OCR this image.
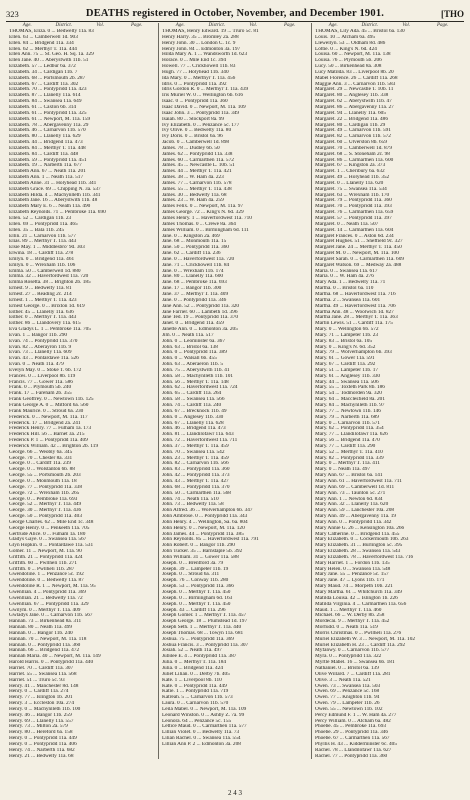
323	DEATHS registered in October, November, and December 1901.	[THO
Age.	District.	Vol.	Page.
THOMAS, Eliza. 0 ... Bedwelty 11a. 83
Ellen. 63 ... Camberwell 1d. 903
Ellen. 84 ... Bridgend 11a. 334
Ellen. 62 ... Merthyr T. 11a. 444
Ellen Ann. 75 ... St. Geo. H. Sq. 1a. 329
Ellen Jane. 40 ... Aberystwith 11b. 51
Elizabeth. 57 ... Ledbur 6a. 372
Elizabeth. 34 ... Cardigan 11b. 7
Elizabeth. 68 ... Portsmouth 2b. 287
Elizabeth. 67 ... Cardiff 11a. 302
Elizabeth. 70 ... Pontypridd 11a. 423
Elizabeth. 87 ... Llanelly 11a. 614
Elizabeth. 84 ... Swansea 11a. 649
Elizabeth. 61 ... Caxton 6b. 314
Elizabeth. 61 ... Pontypridd 11a. 325
Elizabeth. 61 ... Newport, M. 11a. 159
Elizabeth. 78 ... Abergavenny 11a. 29
Elizabeth. 46 ... Carnarvon 11b. 570
Elizabeth. 80 ... Llanelly 11a. 629
Elizabeth. 44 ... Bridgend 11a. 473
Elizabeth. 84 ... Merthyr T. 11a. 448
Elizabeth. 84 ... Cardiff 11a. 448
Elizabeth. 59 ... Pontypridd 11a. 451
Elizabeth. 19 ... Narberth 11a. 677
Elizabeth Ann. 67 ... Neath 11a. 201
Elizabeth Ann. 1 ... Neath 11a. 517
Elizabeth Anne. 31 ... Holyhead 11b. 341
Elizabeth Grace. 69 ... Chipping N. 3a. 537
Elizabeth Hilda. 4 ... Machynlleth 11b. 341
Elizabeth Jane. 16 ... Aberystwith 11b. 48
Elizabeth Mary E. 6 ... Neath 11a. 490
Elizabeth Reynolds. 71 ... Pembroke 11a. 690
Ellen. 52 ... Cardigan 11b. 23
Ellen. 69 ... Pontypridd 11a. 465
Ellen. 35 ... Bala 11b. 245
Ellin. 21 ... Carnarvon 11b. 577
Elias. 89 ... Merthyr T. 11a. 443
Elsie May. 1 ... Middlesbro' 9d. 303
Elwina. 18 ... Cardiff 11a. 278
Emlyn. 0 ... Bridgend 11a. 461
Emlyn. 0 ... Wrexham 11b. 106
Emma. 50 ... Camberwell 1d. 880
Emma. 32 ... Haverfordwest 11a. 720
Emma Rosetta. 38 ... Brighton 2b. 185
Ernest. 9 ... Bedwelty 11a. 81
Ernest. 27 ... Reading 2c. 214
Ernest. 1 ... Merthyr T. 11a. 423
Ernest George. 0 ... Brixton 1d. 619
Esther. 45 ... Llanelly 11a. 636
Esther. 0 ... Merthyr T. 11a. 443
Esther. 86 ... Llandovery 11a. 615
Eva Gladys L. 1 ... Pembroke 11a. 705
Evan. 1 ... Bangor 11b. 290
Evan. 74 ... Pontypridd 11a. 370
Evan. 82 ... Aberayron 11b. 9
Evan. 73 ... Llanelly 11a. 609
Evan. 43 ... Pontardawe 11a. 526
Evan. 0 ... Neath 11a. 479
Evelyn May. 0 ... Stoke T. 6b. 172
Frances. 0 ... Liverpool 8b. 119
Francis. 77 ... Gower 11a. 586
Frank. 0 ... Plymouth 5b. 240
Frank. 17 ... Fareham 2b. 355
Frank Geoffrey. 0 ... Newtown 11b. 125
Frank George A. 0 ... Mitford 6a. 560
Frank Maurice. 0 ... Stroud 6a. 230
Frederick. 0 ... Newport, M. 11a. 117
Frederick. 17 ... Bridgend 2a. 241
Frederick Henry. 77 ... Fulham 1a. 173
Frederick Hill. 56 ... Barnet 3a. 215
Frederick P. 1 ... Pontypridd 11a. 409
Frederick William. 42 ... Brighton 2b. 119
George. 66 ... Weobly 6a. 345
George. 70 ... Chester 8a. 331
George. 0 ... Cardiff 11a. 239
George. 0 ... Wolstanton 6b. 88
George. 55 ... Portsmouth 2b. 203
George. 0 ... Monmouth 11a. 18
George. 77 ... Pontypridd 11a. 338
George. 72 ... Wrexham 11b. 265
George. 0 ... Pembroke 11a. 693
George. 52 ... Merthyr T. 11a. 449
George. 30 ... Merthyr T. 11a. 436
George. 50 ... Pontypridd 11a. 403
George Charles. 62 ... Mile End 1c. 348
George Henry. 0 ... Penkeeth 11a. 705
Gertrude Alice. 0 ... Fulham 1a. 180
Gladys Gaye. 0 ... Swansea 11a. 567
Glyn Hopkin. 0 ... Pontardawe 11a. 531
Gomer. 11 ... Newport, M. 11a. 90
Griffith. 21 ... Pontypridd 11a. 424
Griffith. 60 ... Pwllheli 11b. 271
Griffith. 0 ... Pwllheli 11b. 287
Gwendoline. 1 ... Penzance 5c. 192
Gwendoline. 0 ... Bedwelty 11a. 87
Gwendoline R. 1 ... Newport, M. 11a. 95
Gwenllian. 4 ... Pontypridd 11a. 369
Gwenllian. 21 ... Bedwelty 11a. 72
Gwenllian. 67 ... Pontypridd 11a. 329
Gwilym. 0 ... Merthyr T. 11a. 409
Gwladys Jane. 0 ... Carnarvon 11b. 567
Hannah. 73 ... Birkenhead 8a. 311
Hannah. 80 ... Neath 11a. 499
Hannah. 0 ... Bangor 11b. 240
Hannah. 70 ... Newport, M. 11a. 118
Hannah. 0 ... Pontypridd 11a. 360
Hannah. 66 ... Bridgend 11a. 472
Hannah Maria. 40 ... Newport, M. 11a. 149
Harold Harris. 0 ... Pontypridd 11a. 440
Harriet. 70 ... Cardiff 11a. 307
Harriet. 55 ... Swansea 11a. 568
Harriet. 51 ... Truro 5c. 93
Henry. 41 ... Manchester 8d. 148
Henry. 0 ... Cardiff 11a. 274
Henry. 77 ... Islington 1b. 201
Henry. 3 ... Eccleston 10a. 274
Henry. 0 ... Machynlleth 11b. 100
Henry. 46 ... Bangor 11b. 259
Henry. 69 ... Llanelly 11a. 557
Henry. 73 ... Milton 2a. 579
Henry. 80 ... Hereford 6a. 158
Henry. 0 ... Pontypridd 11a. 449
Henry. 0 ... Pontypridd 11a. 406
Henry. 74 ... Narberth 11a. 682
Henry. 21 ... Bedwelty 11a. 68
Age.	District.	Vol.	Page.
THOMAS, Henry Edward. 19 ... Truro 5c. 81
Henry Harry. 35 ... Bromley 2a. 288
Henry John. 30 ... London C. 1c. 9
Henry John. 84 ... Edmonton 3a. 197
Hilda Mary A. 1 ... Wandsworth 1d. 623
Horace. 0 ... Mile End 1c. 394
Howell. 77 ... Crickhowell 11b. 83
Hugh. 77 ... Holyhead 11b. 340
Ida Mary. 0 ... Merthyr T. 11a. 456
Idris. 0 ... Pontypridd 11a. 392
Idris Gordon R. 0 ... Merthyr T. 11a. 439
Iris Muriel W. 0 ... Wellington 6b. 616
Isaac. 0 ... Pontypridd 11a. 360
Isaac David. 0 ... Newport, M. 11a. 109
Isaac John. 3 ... Pontypridd 11a. 349
Isaiah. 80 ... Stockport 8a. 99
Ivy Elizabeth. 0 ... Penzance 5c. 177
Ivy Olive. 0 ... Bedwelty 11a. 80
Ivy Doris. 0 ... Bristol 6a. 96
Jacob. 0 ... Camberwell 1d. 898
James. 78 ... Dudley 6b. 50
James. 62 ... Pontypridd 11a. 338
James. 60 ... Carmarthen 11a. 572
James. 45 ... Newcastle L. 10b. 51
James. 44 ... Merthyr T. 11a. 421
James. 38 ... W. Ham 4a. 223
James. 77 ... Carnarvon 11b. 578
James. 55 ... Merthyr T. 11a. 438
James. 30 ... Bedwelty 11a. 68
James. 23 ... W. Ham 4a. 259
James Felix. 0 ... Newport, M. 11a. 97
James George. 72 ... King's N. 6d. 329
James Henry. 1 ... Haverfordwest 11a. 710
James Thomas. 0 ... Crewe 8a. 364
James William. 0 ... Birmingham 6d. 111
Jane. 0 ... Kingston 2a. 469
Jane. 68 ... Monmouth 11a. 15
Jane. 50 ... Pontypridd 11a. 360
Jane. 62 ... Cardiff 11a. 236
Jane. 0 ... Haverfordwest 11a. 720
Jane. 71 ... Crickhowell 11b. 84
Jane. 0 ... Wrexham 11b. 174
Jane. 80 ... Llanelly 11a. 600
Jane. 68 ... Pembroke 11a. 693
Jane. 17 ... Bangor 11b. 300
Jane. 37 ... Merthyr T. 11a. 409
Jane. 0 ... Pontypridd 11a. 346
Jane Ann. 52 ... Pontypridd 11a. 320
Jane Farrier. 60 ... Lambeth 1d. 396
Jane Ted. 19 ... Pontypridd 11a. 370
Janet. 0 ... Bridgend 11a. 459
Janette Ann. 0 ... Edmonton 3a. 205
Jim. 0 ... Neath 11a. 517
John. 0 ... Leominster 6a. 367
John. 63 ... Bristol 6a. 138
John. 0 ... Pontypridd 11a. 389
John. 0 ... Walsall 6b. 455
John. 63 ... Aberaeron 11b. 5
John. 75 ... Aberystwith 11b. 41
John. 58 ... Machynlleth 11b. 101
John. 56 ... Merthyr T. 11a. 148
John. 62 ... Haverfordwest 11a. 724
John. 65 ... Cardiff 11a. 264
John. 58 ... Swansea 11a. 566
John. 74 ... Cardiff 11a. 240
John. 67 ... Brecknock 11b. 49
John. 0 ... Anglesey 11b. 330
John. 67 ... Llanelly 11a. 628
John. 46 ... Bridgend 11a. 473
John. 81 ... Llandilofawr 11a. 643
John. 72 ... Haverfordwest 11a. 711
John. 37 ... Merthyr T. 11a. 459
John. 70 ... Swansea 11a. 542
John. 23 ... Merthyr T. 11a. 459
John. 82 ... Carnarvon 11b. 566
John. 83 ... Pontypridd 11a. 360
John. 42 ... Pontypridd 11a. 373
John. 43 ... Merthyr T. 11a. 427
John. 68 ... Pontypridd 11a. 370
John. 50 ... Carmarthen 11a. 568
John. 74 ... Neath 11a. 510
John. 73 ... Bedwelty 11a. 58
John Alfred. 36 ... Wolverhampton 6b. 347
John Ambrose. 0 ... Pontypridd 11a. 343
John Henry. 4 ... Wellington, Sa. 6a. 804
John Henry. 0 ... Newport, M. 11a. 120
John James. 44 ... Pontypridd 11a. 385
John Reynolds. 85 ... Haverfordwest 11a. 791
John Robert. 0 ... Bangor 11b. 290
John Tucker. 35 ... Barnstaple 5b. 392
John William. 31 ... Gower 11a. 588
Joseph. 0 ... Brentford 3a. 79
Joseph. 39 ... Lampeter 11b. 19
Joseph. 0 ... Stroud 6a. 311
Joseph. 76 ... Conway 11b. 280
Joseph. 53 ... Pontypridd 11a. 366
Joseph. 0 ... Merthyr T. 11a. 450
Joseph. 0 ... Birmingham 6d. 163
Joseph. 0 ... Merthyr T. 11a. 450
Joseph. 43 ... Cardiff 11a. 296
Joseph Gomer. 1 ... Merthyr T. 11a. 457
Joseph George. 18 ... Plumstead 1d. 197
Joseph Seth. 1 ... Merthyr T. 11a. 440
Joseph Thomas. 68 ... Towyn 11a. 681
Joshua. 75 ... Pontypridd 11a. 369
Joshua Francis. 3 ... Pontypridd 11a. 307
Josiah. 52 ... Neath 11a. 497
Jubilee E. 4 ... Pontypridd 11a. 387
Julia. 0 ... Merthyr T. 11a. 184
Julia. 0 ... Bridgend 11a. 424
Juliet Lilian. 0 ... Derby 7b. 405
Kate. 1 ... Liverpool 8b. 110
Kate. 0 ... Pontypridd 11a. 449
Katie. 1 ... Pontypridd 11a. 719
Katreah. 5 ... Carnarvon 11b. 573
Laura. 0 ... Carnarvon 11b. 570
Leila Mabel. 0 ... Newport, M. 11a. 109
Leonard Winston. 0 ... Ashby Z. 7a. 99
Leonora. 64 ... Penzance 5c. 155
Lettice Maud. 0 ... Carmarthen 11a. 577
Lillian Violet. 0 ... Bedwelty 11a. 73
Lilian Rachel. 0 ... Swansea 11a. 554
Lillian Ann P. 2 ... Edmonton 3a. 208
Age.	District.	Vol.	Page.
THOMAS, Lily Ada. 45 ... Bristol 6a. 130
Louis. 10 ... Atcham 6a. 495
Llewellyn. 53 ... Oldham 8d. 486
Lottie. 0 ... King's N. 6d. 424
Louisa. 60 ... Newport, M. 11a. 138
Louisa. 76 ... Plymouth 5b. 206
Lucy. 50 ... Birkenhead 8a. 308
Lucy Matilda. 83 ... Liverpool 8b. 20
Mabel Florence. 26 ... Cardiff 11a. 268
Maggie Ann. 3 ... Carnarvon 11b. 583
Margaret. 29 ... Newcastle T. 10b. 11
Margaret. 80 ... Anglesey 11b. 338
Margaret. 62 ... Aberystwith 11b. 47
Margaret. 86 ... Abergavenny 11a. 27
Margaret. 94 ... Llanelly 11a. 605
Margaret. 22 ... Bridgend 11a. 486
Margaret. 80 ... Cardigan 11b. 29
Margaret. 49 ... Carnarvon 11b. 591
Margaret. 82 ... Carnarvon 11b. 572
Margaret. 60 ... Ulverston 8b. 659
Margaret. 70 ... Camberwell 1d. 879
Margaret. 68 ... S. Stoneham 2c. 98
Margaret. 86 ... Carmarthen 11a. 600
Margaret. 67 ... Kingston 2a. 373
Margaret. 1 ... Cheribury 6a. 632
Margaret. 49 ... Holyhead 11b. 352
Margaret. 0 ... Llanelly 11a. 620
Margaret. 75 ... Swansea 11a. 534
Margaret. 63 ... Wrexham 11b. 170
Margaret. 79 ... Pontypridd 11a. 360
Margaret. 70 ... Pontypridd 11a. 393
Margaret. 76 ... Carmarthen 11a. 659
Margaret. 57 ... Pontypridd 11a. 397
Margaret. 0 ... Neath 11a. 507
Margaret. 14 ... Carmarthen 11a. 604
Margaret Frances. 0 ... Aston 6d. 234
Margaret Hughes. 51 ... Sheffield 9c. 327
Margaret Jane. 24 ... Merthyr T. 11a. 450
Margaret M. 0 ... Newport, M. 11a. 100
Margaret Sarah. 0 ... Carmarthen 11a. 609
Margaret Watson. 69 ... Medway 2a. 488
Maria. 0 ... Swansea 11a. 617
Maria. 0 ... W. Ham 4a. 276
Mary Ada. 1 ... Bedwelty 11a. 71
Martha. 0 ... Bristol 6a. 110
Martha. 68 ... Haverfordwest 11a. 716
Martha. 2 ... Swansea 11a. 601
Martha. 49 ... Haverfordwest 11a. 706
Martha Ann. 48 ... Woolwich 1d. 827
Martha Jane. 28 ... Merthyr T. 11a. 363
Martin Lewis. 51 ... Cardiff 11a. 175
Mary. 0 ... Wellington 6b. 572
Mary. 71 ... Lampeter 11b. 23
Mary. 83 ... Bristol 6a. 105
Mary. 0 ... King's N. 6d. 352
Mary. 79 ... Wolverhampton 6b. 393
Mary. 61 ... Gower 11a. 591
Mary. 67 ... Cardiff 11a. 292
Mary. 51 ... Lampeter 11b. 17
Mary. 61 ... Anglesey 11b. 330
Mary. 44 ... Swansea 11a. 506
Mary. 55 ... Toxteth Park 8b. 186
Mary. 54 ... Todmorden 9a. 320
Mary. 64 ... Macclesfield 8a. 201
Mary. 84 ... Machynlleth 11b. 97
Mary. 77 ... Newtown 11b. 146
Mary. 79 ... Narberth 11a. 689
Mary. 0 ... Carnarvon 11b. 571
Mary. 62 ... Pontypridd 11a. 354
Mary. 77 ... Llandilofawr 11a. 626
Mary. 56 ... Bridgend 11a. 470
Mary. 77 ... Cardiff 11a. 290
Mary. 52 ... Merthyr T. 11a. 410
Mary. 82 ... Pontypridd 11a. 339
Mary. 0 ... Merthyr T. 11a. 411
Mary. 0 ... Neath 11a. 497
Mary Ann. 67 ... Bristol 6a. 141
Mary Ann. 61 ... Haverfordwest 11a. 711
Mary Ann. 69 ... Camberwell 1d. 811
Mary Ann. 73 ... Taunton 5c. 271
Mary Ann. 1 ... Newton 6d. 834
Mary Ann. 32 ... Llanelly 11a. 620
Mary Ann. 59 ... Lanchester 10a. 208
Mary Ann. 49 ... Abergavenny 11a. 19
Mary Ann. 0 ... Pontypridd 11a. 342
Mary Annie G. 26 ... Kensington 10a. 266
Mary Catherine. 0 ... Bridgend 11a. 455
Mary Elizabeth. 0 ... Cockermouth 10b. 263
Mary Elizabeth. 31 ... Burlington 5c. 395
Mary Elizabeth. 28 ... Swansea 11a. 543
Mary Elizabeth. 78 ... Haverfordwest 11a. 716
Mary Harriet. 1 ... Fordon 11b. 135
Mary Helen. 0 ... Swansea 11a. 548
Mary Jane. 55 ... Penzance 5c. 157
Mary Jane. 47 ... Lyons 11b. 171
Mary Maud. 74 ... Morpeth 10b. 221
Mary Martha. 61 ... Whitchurch 11a. 349
Matilda Louisa. 42 ... Islington 1b. 226
Matilda Virginia. 4 ... Carmarthen 11a. 656
Maud. 1 ... Merthyr T. 11a. 460
Michael. 66 ... W. Derby 8b. 258
Mordecai. 9 ... Merthyr T. 11a. 452
Morfudd. 0 ... Neath 11a. 519
Morris Christmas. 0 ... Pwllheli 11a. 276
Muriel Elizabeth W. 3 ... Newport, M. 11a. 102
Muriel Elizabeth H. 23 ... Cardiff 11a. 292
Myfanwy. 0 ... Carnarvon 11b. 577
Myra. 0 ... Pontypridd 11a. 322
Myrtle Mabel. 16 ... Swansea 6b. 181
Nathaniel. 0 ... Bristol 6a. 139
Olive Willard. 7 ... Cardiff 11a. 281
Olive. 3 ... Neath 11a. 521
Owen. 73 ... Swansea 11a. 503
Owen. 69 ... Penzance 5c. 168
Owen. 77 ... Knighton 11b. 94
Owen. 79 ... Lampeter 11b. 26
Owen. 55 ... Newtown 11b. 102
Percy Edmund F. 1 ... W. Ham 4a. 277
Percy William. 0 ... Atcham 6a. 482
Phoebe. 45 ... Pembroke 11a. 693
Phoebe. 29 ... Pontypridd 11a. 346
Phoebe. 67 ... Carmarthen 11a. 567
Phyllis H. 43 ... Kidderminster 6c. 405
Rachel. 78 ... Llandilofawr 11a. 627
Rachel. 77 ... Pontypridd 11a. 360
2 4 3
